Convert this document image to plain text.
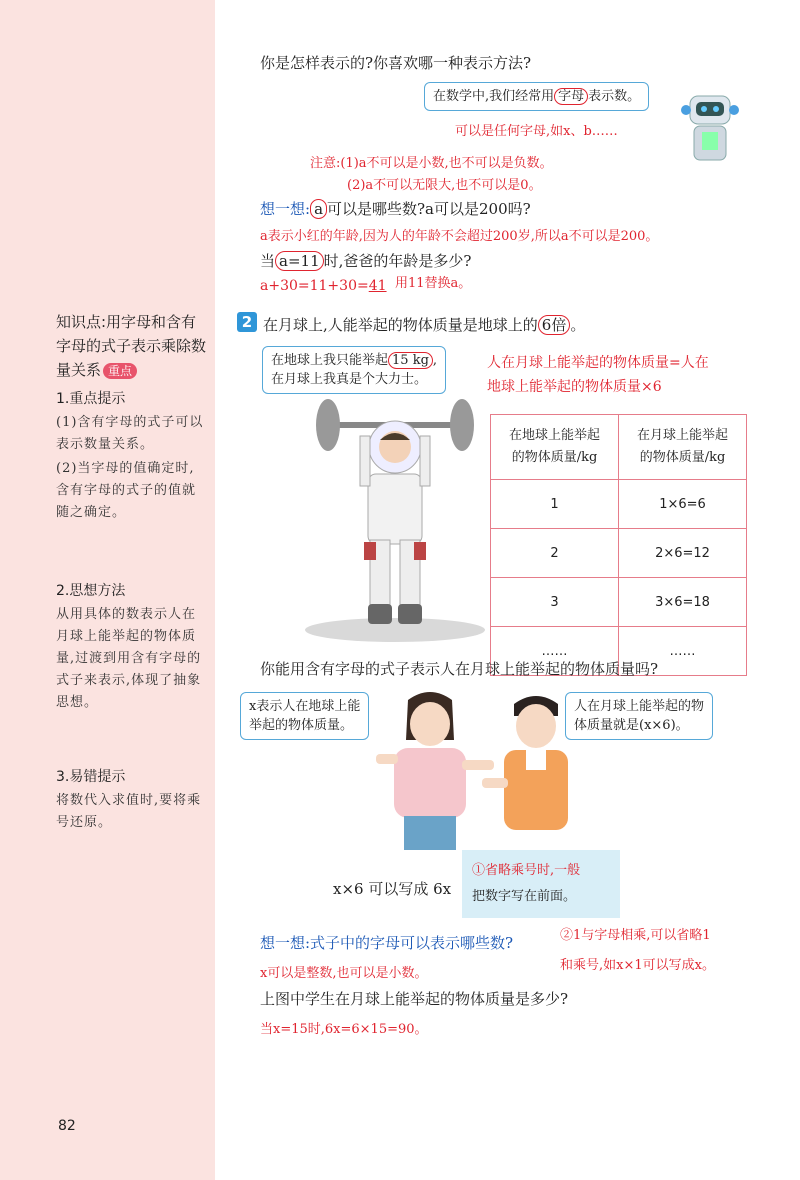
知识点:用字母和含有字母的式子表示乘除数量关系 重点
1.重点提示
(1)含有字母的式子可以表示数量关系。
(2)当字母的值确定时,含有字母的式子的值就随之确定。
2.思想方法
从用具体的数表示人在月球上能举起的物体质量,过渡到用含有字母的式子来表示,体现了抽象思想。
3.易错提示
将数代入求值时,要将乘号还原。
82
你是怎样表示的?你喜欢哪一种表示方法?
在数学中,我们经常用 字母 表示数。
可以是任何字母,如x、b……
注意:(1)a不可以是小数,也不可以是负数。
(2)a不可以无限大,也不可以是0。
想一想: a 可以是哪些数?a可以是200吗?
a表示小红的年龄,因为人的年龄不会超过200岁,所以a不可以是200。
当 a=11 时,爸爸的年龄是多少?
a+30=11+30=41 用11替换a。
2 在月球上,人能举起的物体质量是地球上的 6倍 。
在地球上我只能举起 15 kg ,
在月球上我真是个大力士。
人在月球上能举起的物体质量=人在
地球上能举起的物体质量×6
在地球上能举起
的物体质量/kg	在月球上能举起
的物体质量/kg
1	1×6=6
2	2×6=12
3	3×6=18
……	……
你能用含有字母的式子表示人在月球上能举起的物体质量吗?
x表示人在地球上能
举起的物体质量。
人在月球上能举起的物
体质量就是(x×6)。
x×6 可以写成 6x
①省略乘号时,一般
把数字写在前面。
②1与字母相乘,可以省略1
和乘号,如x×1可以写成x。
想一想:式子中的字母可以表示哪些数?
x可以是整数,也可以是小数。
上图中学生在月球上能举起的物体质量是多少?
当x=15时,6x=6×15=90。
